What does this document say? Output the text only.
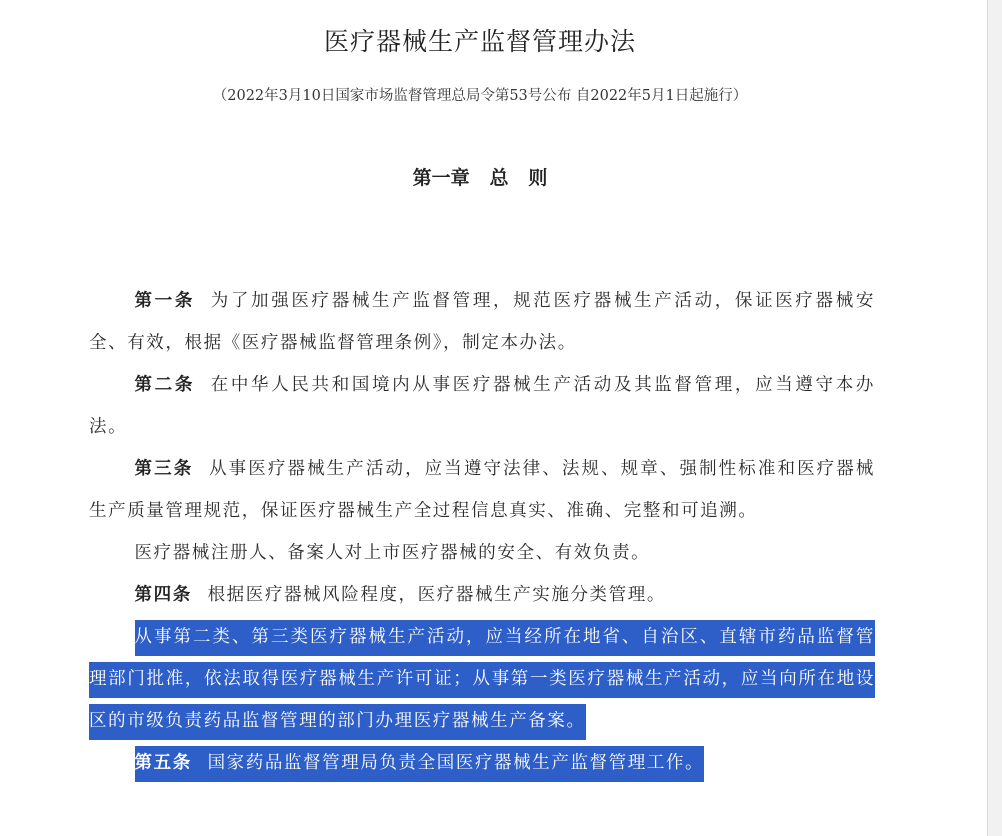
医疗器械生产监督管理办法
（2022年3月10日国家市场监督管理总局令第53号公布 自2022年5月1日起施行）
第一章   总   则

第一条 为了加强医疗器械生产监督管理，规范医疗器械生产活动，保证医疗器械安全、有效，根据《医疗器械监督管理条例》，制定本办法。

第二条 在中华人民共和国境内从事医疗器械生产活动及其监督管理，应当遵守本办法。

第三条 从事医疗器械生产活动，应当遵守法律、法规、规章、强制性标准和医疗器械生产质量管理规范，保证医疗器械生产全过程信息真实、准确、完整和可追溯。

医疗器械注册人、备案人对上市医疗器械的安全、有效负责。

第四条 根据医疗器械风险程度，医疗器械生产实施分类管理。

从事第二类、第三类医疗器械生产活动，应当经所在地省、自治区、直辖市药品监督管理部门批准，依法取得医疗器械生产许可证；从事第一类医疗器械生产活动，应当向所在地设区的市级负责药品监督管理的部门办理医疗器械生产备案。

第五条 国家药品监督管理局负责全国医疗器械生产监督管理工作。
